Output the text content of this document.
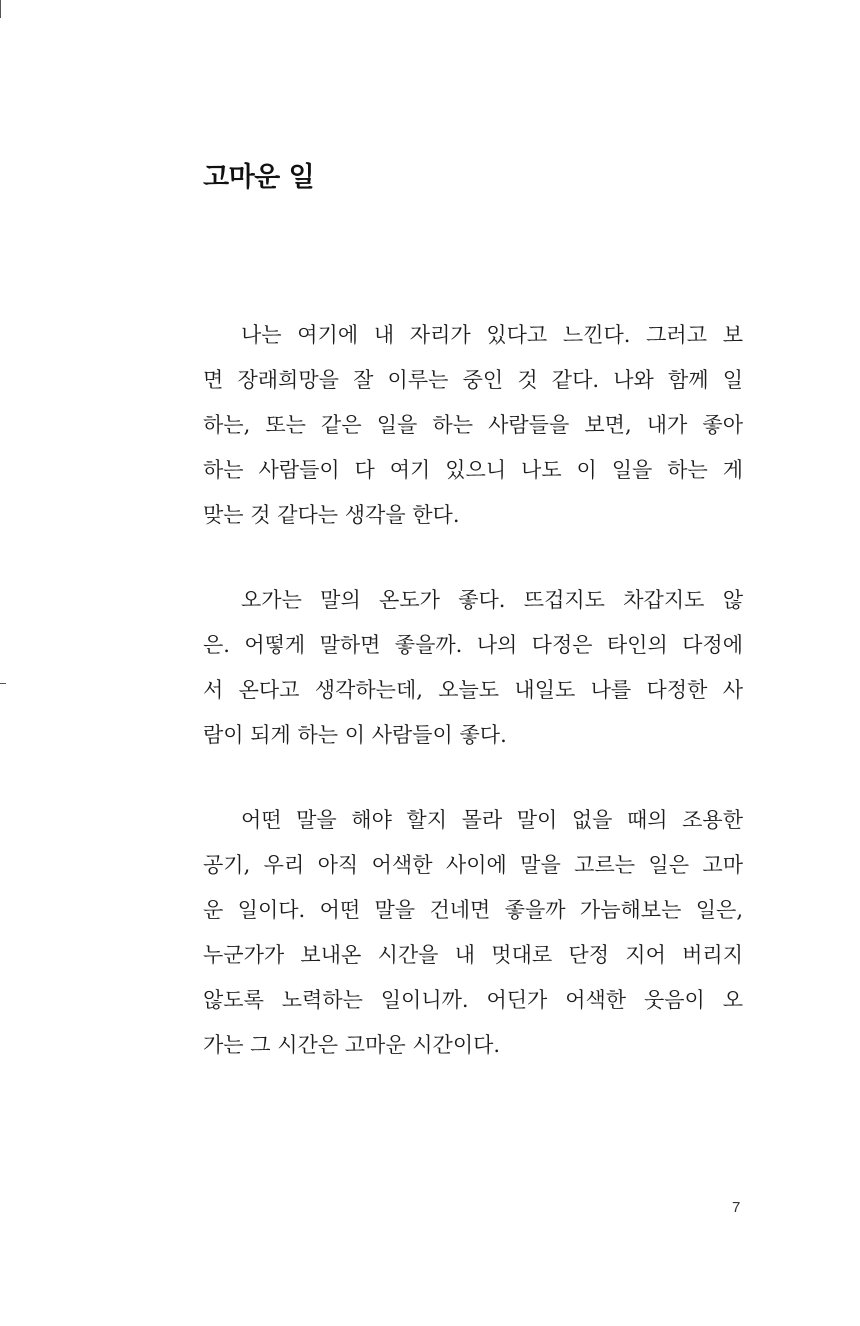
고마운 일

나는 여기에 내 자리가 있다고 느낀다. 그러고 보
면 장래희망을 잘 이루는 중인 것 같다. 나와 함께 일
하는, 또는 같은 일을 하는 사람들을 보면, 내가 좋아
하는 사람들이 다 여기 있으니 나도 이 일을 하는 게
맞는 것 같다는 생각을 한다.

오가는 말의 온도가 좋다. 뜨겁지도 차갑지도 않
은. 어떻게 말하면 좋을까. 나의 다정은 타인의 다정에
서 온다고 생각하는데, 오늘도 내일도 나를 다정한 사
람이 되게 하는 이 사람들이 좋다.

어떤 말을 해야 할지 몰라 말이 없을 때의 조용한
공기, 우리 아직 어색한 사이에 말을 고르는 일은 고마
운 일이다. 어떤 말을 건네면 좋을까 가늠해보는 일은,
누군가가 보내온 시간을 내 멋대로 단정 지어 버리지
않도록 노력하는 일이니까. 어딘가 어색한 웃음이 오
가는 그 시간은 고마운 시간이다.

7
